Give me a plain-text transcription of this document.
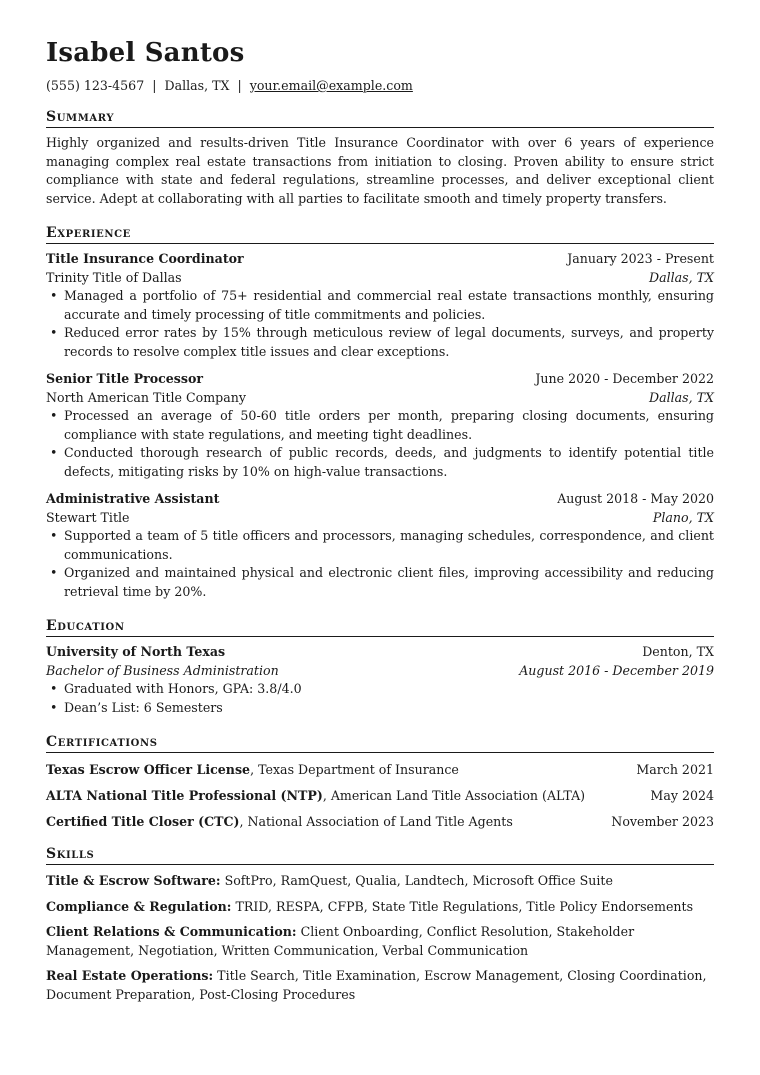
Isabel Santos
(555) 123-4567 | Dallas, TX | your.email@example.com
Summary
Highly organized and results-driven Title Insurance Coordinator with over 6 years of experience managing complex real estate transactions from initiation to closing. Proven ability to ensure strict compliance with state and federal regulations, streamline processes, and deliver exceptional client service. Adept at collaborating with all parties to facilitate smooth and timely property transfers.
Experience
Title Insurance Coordinator	January 2023 - Present
Trinity Title of Dallas	Dallas, TX
• Managed a portfolio of 75+ residential and commercial real estate transactions monthly, ensuring accurate and timely processing of title commitments and policies.
• Reduced error rates by 15% through meticulous review of legal documents, surveys, and property records to resolve complex title issues and clear exceptions.
Senior Title Processor	June 2020 - December 2022
North American Title Company	Dallas, TX
• Processed an average of 50-60 title orders per month, preparing closing documents, ensuring compliance with state regulations, and meeting tight deadlines.
• Conducted thorough research of public records, deeds, and judgments to identify potential title defects, mitigating risks by 10% on high-value transactions.
Administrative Assistant	August 2018 - May 2020
Stewart Title	Plano, TX
• Supported a team of 5 title officers and processors, managing schedules, correspondence, and client communications.
• Organized and maintained physical and electronic client files, improving accessibility and reducing retrieval time by 20%.
Education
University of North Texas	Denton, TX
Bachelor of Business Administration	August 2016 - December 2019
• Graduated with Honors, GPA: 3.8/4.0
• Dean’s List: 6 Semesters
Certifications
Texas Escrow Officer License, Texas Department of Insurance	March 2021
ALTA National Title Professional (NTP), American Land Title Association (ALTA)	May 2024
Certified Title Closer (CTC), National Association of Land Title Agents	November 2023
Skills
Title & Escrow Software: SoftPro, RamQuest, Qualia, Landtech, Microsoft Office Suite
Compliance & Regulation: TRID, RESPA, CFPB, State Title Regulations, Title Policy Endorsements
Client Relations & Communication: Client Onboarding, Conflict Resolution, Stakeholder Management, Negotiation, Written Communication, Verbal Communication
Real Estate Operations: Title Search, Title Examination, Escrow Management, Closing Coordination, Document Preparation, Post-Closing Procedures
